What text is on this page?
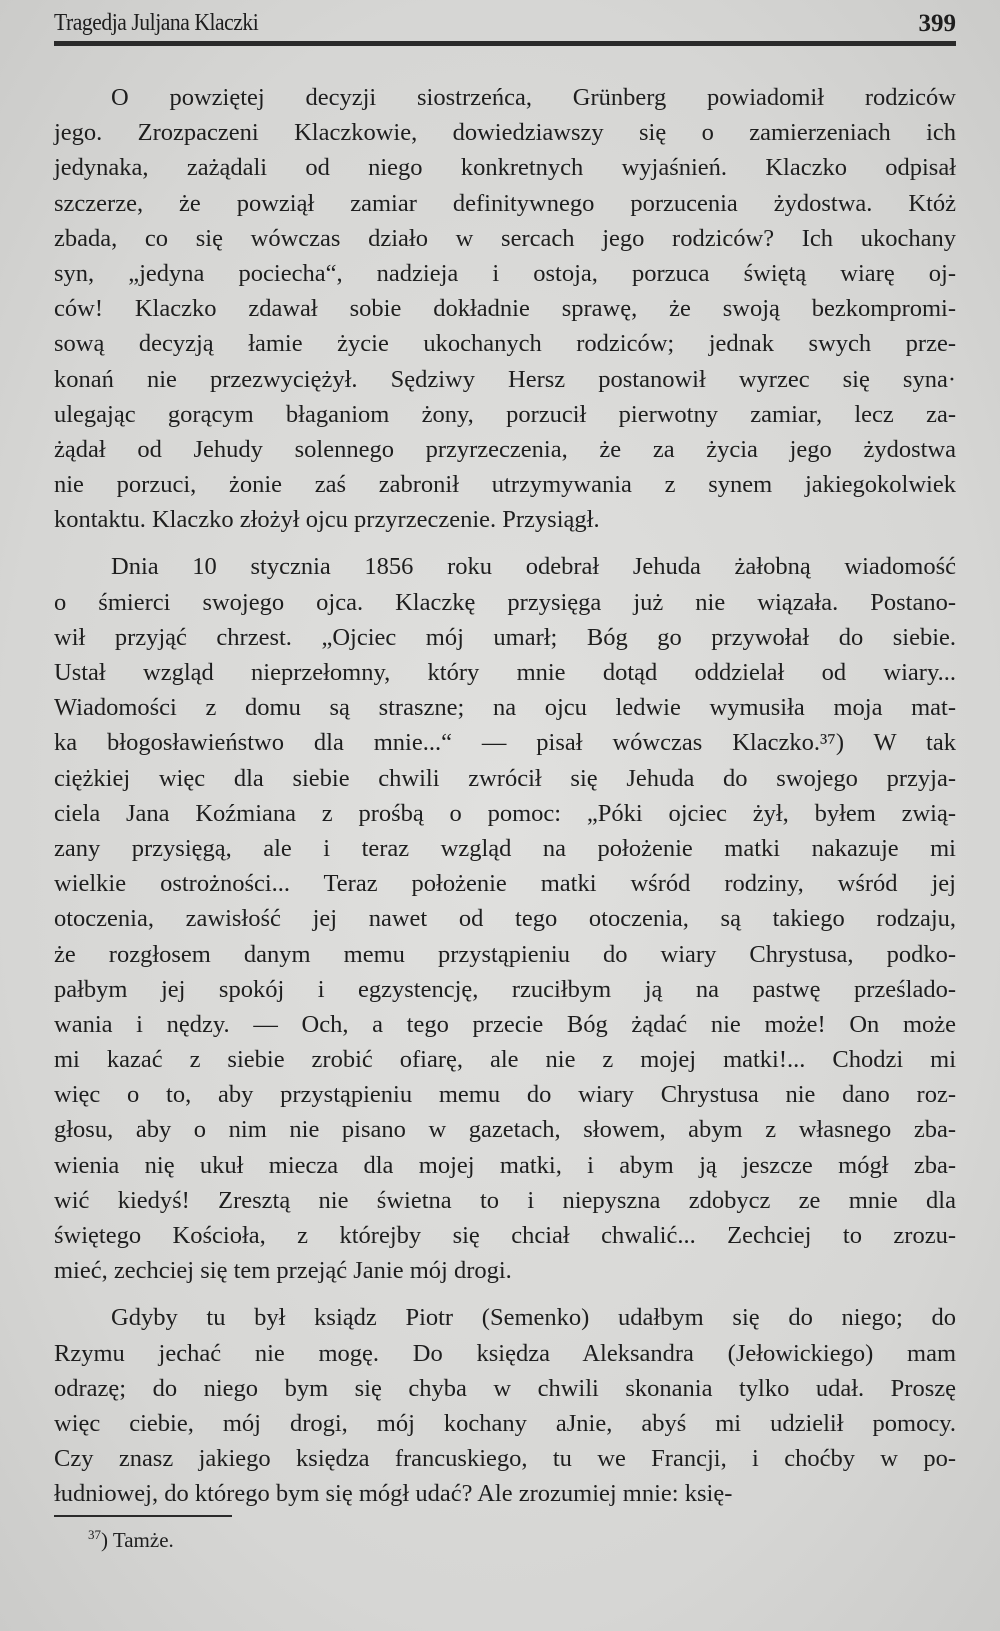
Tragedja Juljana Klaczki	399
O powziętej decyzji siostrzeńca, Grünberg powiadomił rodziców
jego. Zrozpaczeni Klaczkowie, dowiedziawszy się o zamierzeniach ich
jedynaka, zażądali od niego konkretnych wyjaśnień. Klaczko odpisał
szczerze, że powziął zamiar definitywnego porzucenia żydostwa. Któż
zbada, co się wówczas działo w sercach jego rodziców? Ich ukochany
syn, „jedyna pociecha“, nadzieja i ostoja, porzuca świętą wiarę oj-
ców! Klaczko zdawał sobie dokładnie sprawę, że swoją bezkompromi-
sową decyzją łamie życie ukochanych rodziców; jednak swych prze-
konań nie przezwyciężył. Sędziwy Hersz postanowił wyrzec się syna·
ulegając gorącym błaganiom żony, porzucił pierwotny zamiar, lecz za-
żądał od Jehudy solennego przyrzeczenia, że za życia jego żydostwa
nie porzuci, żonie zaś zabronił utrzymywania z synem jakiegokolwiek
kontaktu. Klaczko złożył ojcu przyrzeczenie. Przysiągł.
Dnia 10 stycznia 1856 roku odebrał Jehuda żałobną wiadomość
o śmierci swojego ojca. Klaczkę przysięga już nie wiązała. Postano-
wił przyjąć chrzest. „Ojciec mój umarł; Bóg go przywołał do siebie.
Ustał wzgląd nieprzełomny, który mnie dotąd oddzielał od wiary...
Wiadomości z domu są straszne; na ojcu ledwie wymusiła moja mat-
ka błogosławieństwo dla mnie...“ — pisał wówczas Klaczko.³⁷) W tak
ciężkiej więc dla siebie chwili zwrócił się Jehuda do swojego przyja-
ciela Jana Koźmiana z prośbą o pomoc: „Póki ojciec żył, byłem zwią-
zany przysięgą, ale i teraz wzgląd na położenie matki nakazuje mi
wielkie ostrożności... Teraz położenie matki wśród rodziny, wśród jej
otoczenia, zawisłość jej nawet od tego otoczenia, są takiego rodzaju,
że rozgłosem danym memu przystąpieniu do wiary Chrystusa, podko-
pałbym jej spokój i egzystencję, rzuciłbym ją na pastwę prześlado-
wania i nędzy. — Och, a tego przecie Bóg żądać nie może! On może
mi kazać z siebie zrobić ofiarę, ale nie z mojej matki!... Chodzi mi
więc o to, aby przystąpieniu memu do wiary Chrystusa nie dano roz-
głosu, aby o nim nie pisano w gazetach, słowem, abym z własnego zba-
wienia nię ukuł miecza dla mojej matki, i abym ją jeszcze mógł zba-
wić kiedyś! Zresztą nie świetna to i niepyszna zdobycz ze mnie dla
świętego Kościoła, z którejby się chciał chwalić... Zechciej to zrozu-
mieć, zechciej się tem przejąć Janie mój drogi.
Gdyby tu był ksiądz Piotr (Semenko) udałbym się do niego; do
Rzymu jechać nie mogę. Do księdza Aleksandra (Jełowickiego) mam
odrazę; do niego bym się chyba w chwili skonania tylko udał. Proszę
więc ciebie, mój drogi, mój kochany aJnie, abyś mi udzielił pomocy.
Czy znasz jakiego księdza francuskiego, tu we Francji, i choćby w po-
łudniowej, do którego bym się mógł udać? Ale zrozumiej mnie: księ-
$^{37}$) Tamże.
